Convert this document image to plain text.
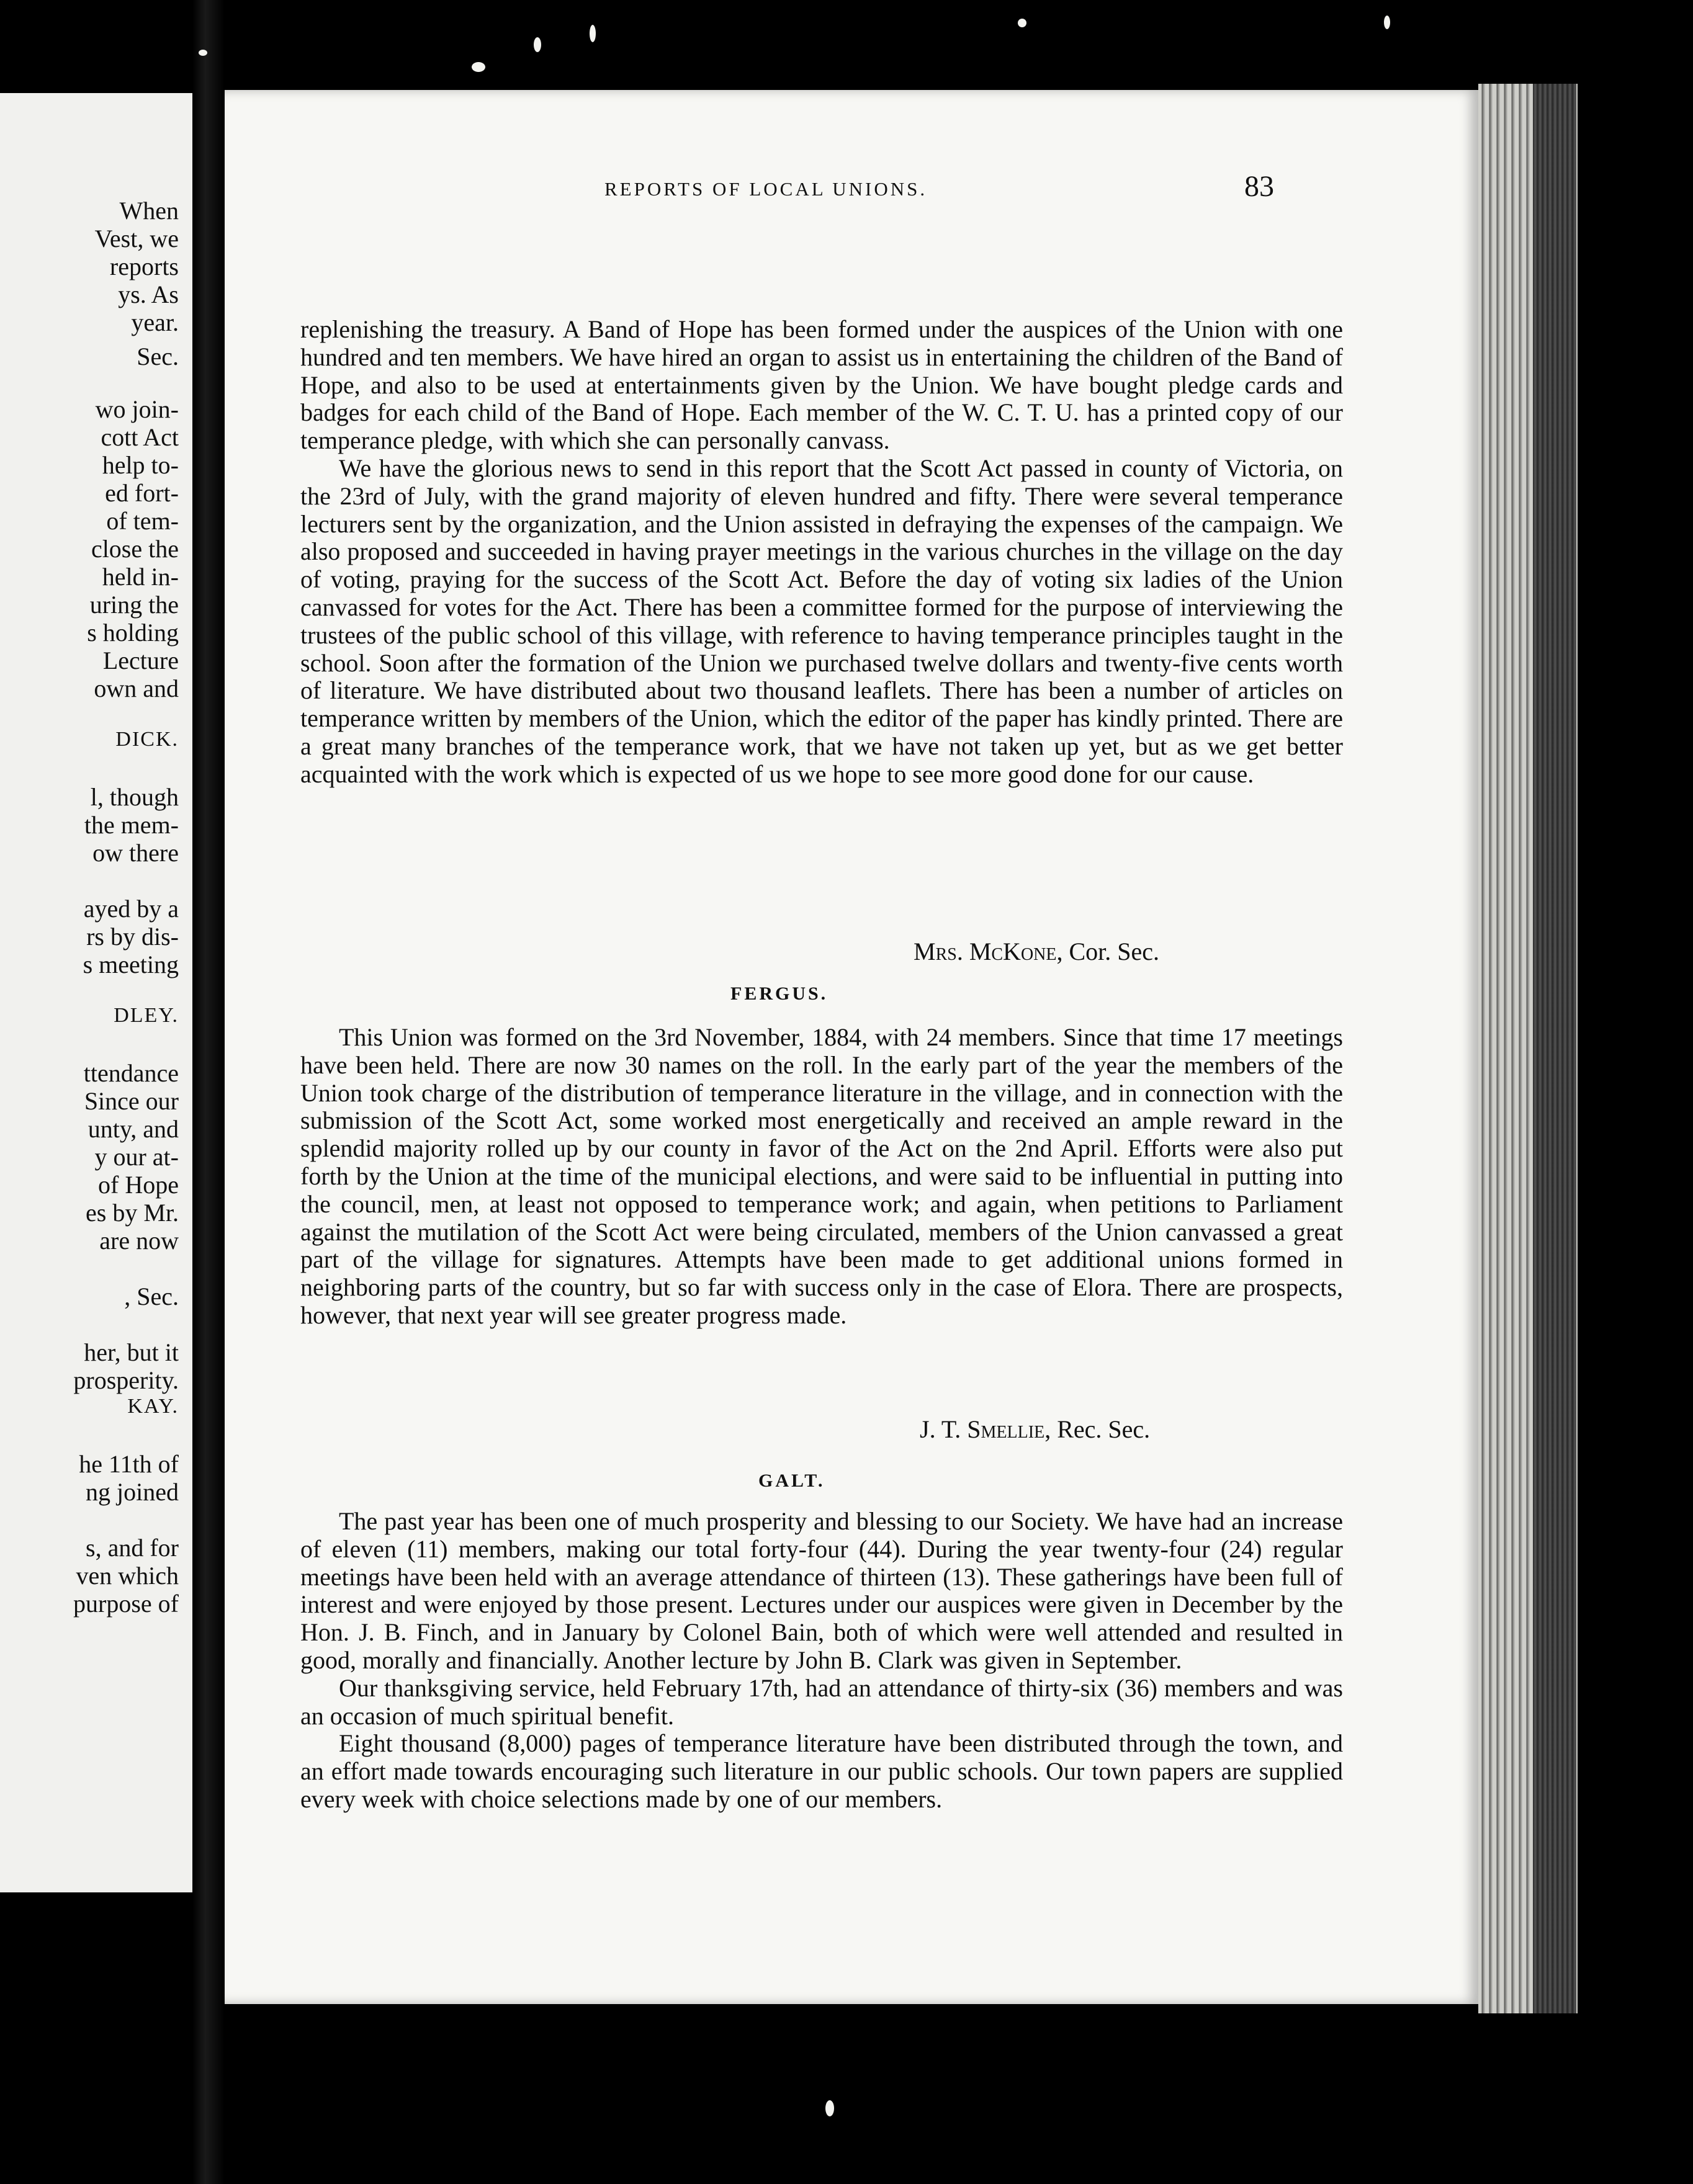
When
Vest, we
reports
ys. As
year.
Sec.
wo join-
cott Act
help to-
ed fort-
of tem-
close the
held in-
uring the
s holding
Lecture
own and
DICK.
l, though
the mem-
ow there
ayed by a
rs by dis-
s meeting
DLEY.
ttendance
Since our
unty, and
y our at-
of Hope
es by Mr.
are now
, Sec.
her, but it
prosperity.
KAY.
he 11th of
ng joined
s, and for
ven which
purpose of
REPORTS OF LOCAL UNIONS.	83

replenishing the treasury. A Band of Hope has been formed under the auspices of the Union with one hundred and ten members. We have hired an organ to assist us in entertaining the children of the Band of Hope, and also to be used at entertainments given by the Union. We have bought pledge cards and badges for each child of the Band of Hope. Each member of the W. C. T. U. has a printed copy of our temperance pledge, with which she can personally canvass.

We have the glorious news to send in this report that the Scott Act passed in county of Victoria, on the 23rd of July, with the grand majority of eleven hundred and fifty. There were several temperance lecturers sent by the organization, and the Union assisted in defraying the expenses of the campaign. We also proposed and succeeded in having prayer meetings in the various churches in the village on the day of voting, praying for the success of the Scott Act. Before the day of voting six ladies of the Union canvassed for votes for the Act. There has been a committee formed for the purpose of interviewing the trustees of the public school of this village, with reference to having temperance principles taught in the school. Soon after the formation of the Union we purchased twelve dollars and twenty-five cents worth of literature. We have distributed about two thousand leaflets. There has been a number of articles on temperance written by members of the Union, which the editor of the paper has kindly printed. There are a great many branches of the temperance work, that we have not taken up yet, but as we get better acquainted with the work which is expected of us we hope to see more good done for our cause.

Mrs. McKone, Cor. Sec.
FERGUS.

This Union was formed on the 3rd November, 1884, with 24 members. Since that time 17 meetings have been held. There are now 30 names on the roll. In the early part of the year the members of the Union took charge of the distribution of temperance literature in the village, and in connection with the submission of the Scott Act, some worked most energetically and received an ample reward in the splendid majority rolled up by our county in favor of the Act on the 2nd April. Efforts were also put forth by the Union at the time of the municipal elections, and were said to be influential in putting into the council, men, at least not opposed to temperance work; and again, when petitions to Parliament against the mutilation of the Scott Act were being circulated, members of the Union canvassed a great part of the village for signatures. Attempts have been made to get additional unions formed in neighboring parts of the country, but so far with success only in the case of Elora. There are prospects, however, that next year will see greater progress made.

J. T. Smellie, Rec. Sec.
GALT.

The past year has been one of much prosperity and blessing to our Society. We have had an increase of eleven (11) members, making our total forty-four (44). During the year twenty-four (24) regular meetings have been held with an average attendance of thirteen (13). These gatherings have been full of interest and were enjoyed by those present. Lectures under our auspices were given in December by the Hon. J. B. Finch, and in January by Colonel Bain, both of which were well attended and resulted in good, morally and financially. Another lecture by John B. Clark was given in September.

Our thanksgiving service, held February 17th, had an attendance of thirty-six (36) members and was an occasion of much spiritual benefit.

Eight thousand (8,000) pages of temperance literature have been distributed through the town, and an effort made towards encouraging such literature in our public schools. Our town papers are supplied every week with choice selections made by one of our members.
